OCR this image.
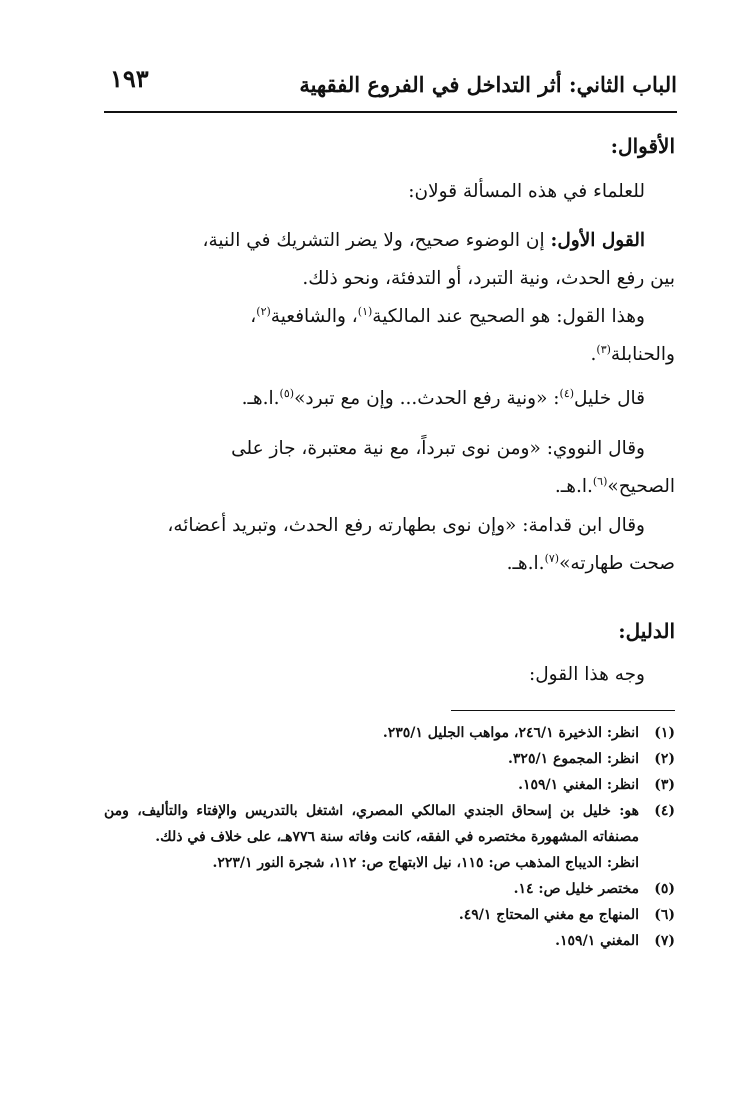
الباب الثاني: أثر التداخل في الفروع الفقهية
١٩٣
الأقوال:
للعلماء في هذه المسألة قولان:
القول الأول: إن الوضوء صحيح، ولا يضر التشريك في النية،
بين رفع الحدث، ونية التبرد، أو التدفئة، ونحو ذلك.
وهذا القول: هو الصحيح عند المالكية$^{(١)}$، والشافعية$^{(٢)}$،
والحنابلة$^{(٣)}$.
قال خليل$^{(٤)}$: «ونية رفع الحدث... وإن مع تبرد»$^{(٥)}$.ا.هـ.
وقال النووي: «ومن نوى تبرداً، مع نية معتبرة، جاز على
الصحيح»$^{(٦)}$.ا.هـ.
وقال ابن قدامة: «وإن نوى بطهارته رفع الحدث، وتبريد أعضائه،
صحت طهارته»$^{(٧)}$.ا.هـ.
الدليل:
وجه هذا القول:
(١)
انظر: الذخيرة ٢٤٦/١، مواهب الجليل ٢٣٥/١.
(٢)
انظر: المجموع ٣٢٥/١.
(٣)
انظر: المغني ١٥٩/١.
(٤)
هو: خليل بن إسحاق الجندي المالكي المصري، اشتغل بالتدريس والإفتاء والتأليف، ومن مصنفاته المشهورة مختصره في الفقه، كانت وفاته سنة ٧٧٦هـ، على خلاف في ذلك.
انظر: الديباج المذهب ص: ١١٥، نيل الابتهاج ص: ١١٢، شجرة النور ٢٢٣/١.
(٥)
مختصر خليل ص: ١٤.
(٦)
المنهاج مع مغني المحتاج ٤٩/١.
(٧)
المغني ١٥٩/١.
